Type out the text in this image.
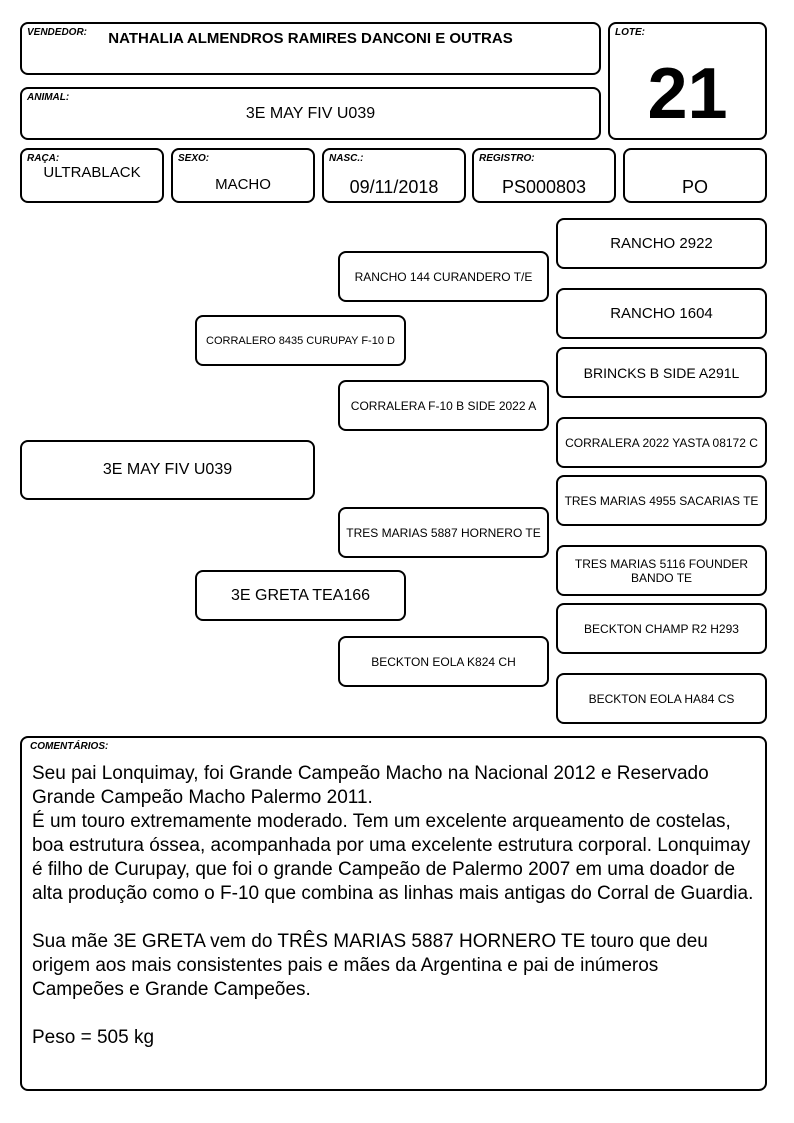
VENDEDOR:	NATHALIA ALMENDROS RAMIRES DANCONI E OUTRAS	LOTE:
21
ANIMAL:
3E MAY FIV U039
RAÇA:
ULTRABLACK
SEXO:
MACHO
NASC.:
09/11/2018
REGISTRO:
PS000803	PO
RANCHO 2922
RANCHO 1604
BRINCKS B SIDE A291L
CORRALERA 2022 YASTA 08172 C
TRES MARIAS 4955 SACARIAS TE
TRES MARIAS 5116 FOUNDER BANDO TE
BECKTON CHAMP R2 H293
BECKTON EOLA HA84 CS
RANCHO 144 CURANDERO T/E
CORRALERA F-10 B SIDE 2022 A
TRES MARIAS 5887 HORNERO TE
BECKTON EOLA K824 CH
CORRALERO 8435 CURUPAY F-10 D
3E GRETA TEA166
3E MAY FIV U039
COMENTÁRIOS:
Seu pai Lonquimay, foi Grande Campeão Macho na Nacional 2012 e Reservado Grande Campeão Macho Palermo 2011.
É um touro extremamente moderado. Tem um excelente arqueamento de costelas, boa estrutura óssea, acompanhada por uma excelente estrutura corporal. Lonquimay é filho de Curupay, que foi o grande Campeão de Palermo 2007 em uma doador de alta produção como o F-10 que combina as linhas mais antigas do Corral de Guardia.

Sua mãe 3E GRETA vem do TRÊS MARIAS 5887 HORNERO TE touro que deu origem aos mais consistentes pais e mães da Argentina e pai de inúmeros Campeões e Grande Campeões.

Peso = 505 kg
